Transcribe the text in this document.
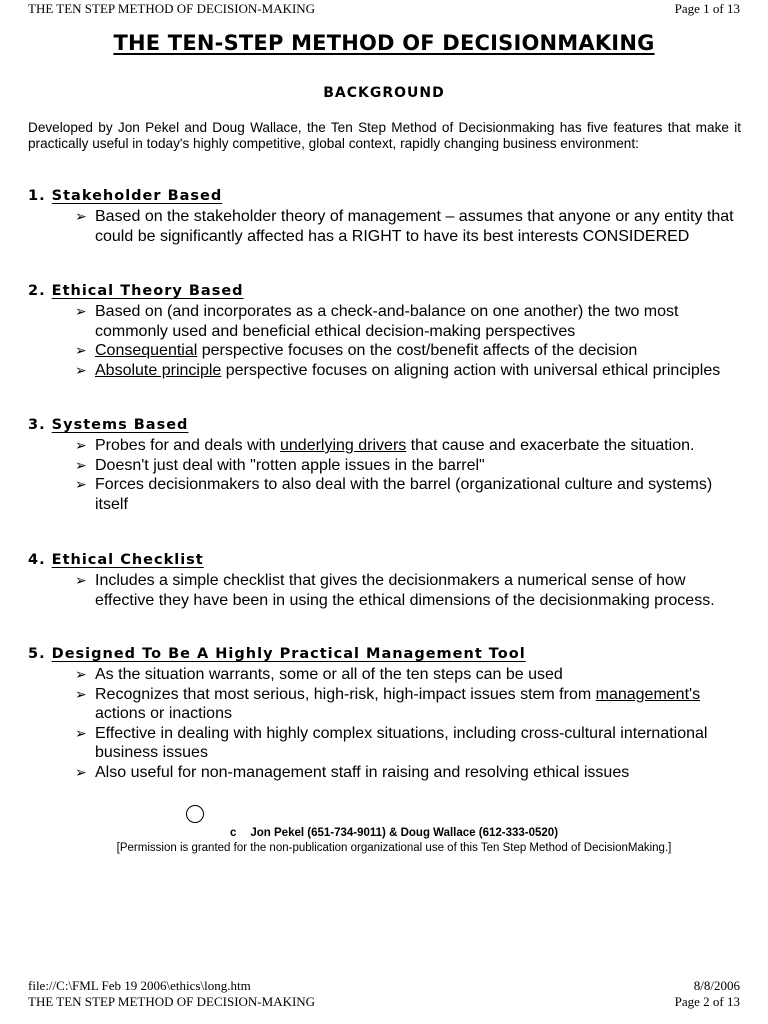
THE TEN STEP METHOD OF DECISION-MAKING	Page 1 of 13
THE TEN-STEP METHOD OF DECISIONMAKING
BACKGROUND
Developed by Jon Pekel and Doug Wallace, the Ten Step Method of Decisionmaking has five features that make it practically useful in today's highly competitive, global context, rapidly changing business environment:
1. Stakeholder Based
➢ Based on the stakeholder theory of management – assumes that anyone or any entity that could be significantly affected has a RIGHT to have its best interests CONSIDERED
2. Ethical Theory Based
➢ Based on (and incorporates as a check-and-balance on one another) the two most commonly used and beneficial ethical decision-making perspectives
➢ Consequential perspective focuses on the cost/benefit affects of the decision
➢ Absolute principle perspective focuses on aligning action with universal ethical principles
3. Systems Based
➢ Probes for and deals with underlying drivers that cause and exacerbate the situation.
➢ Doesn't just deal with "rotten apple issues in the barrel"
➢ Forces decisionmakers to also deal with the barrel (organizational culture and systems) itself
4. Ethical Checklist
➢ Includes a simple checklist that gives the decisionmakers a numerical sense of how effective they have been in using the ethical dimensions of the decisionmaking process.
5. Designed To Be A Highly Practical Management Tool
➢ As the situation warrants, some or all of the ten steps can be used
➢ Recognizes that most serious, high-risk, high-impact issues stem from management's actions or inactions
➢ Effective in dealing with highly complex situations, including cross-cultural international business issues
➢ Also useful for non-management staff in raising and resolving ethical issues
c Jon Pekel (651-734-9011) & Doug Wallace (612-333-0520)
[Permission is granted for the non-publication organizational use of this Ten Step Method of DecisionMaking.]
file://C:\FML Feb 19 2006\ethics\long.htm	8/8/2006
THE TEN STEP METHOD OF DECISION-MAKING	Page 2 of 13
